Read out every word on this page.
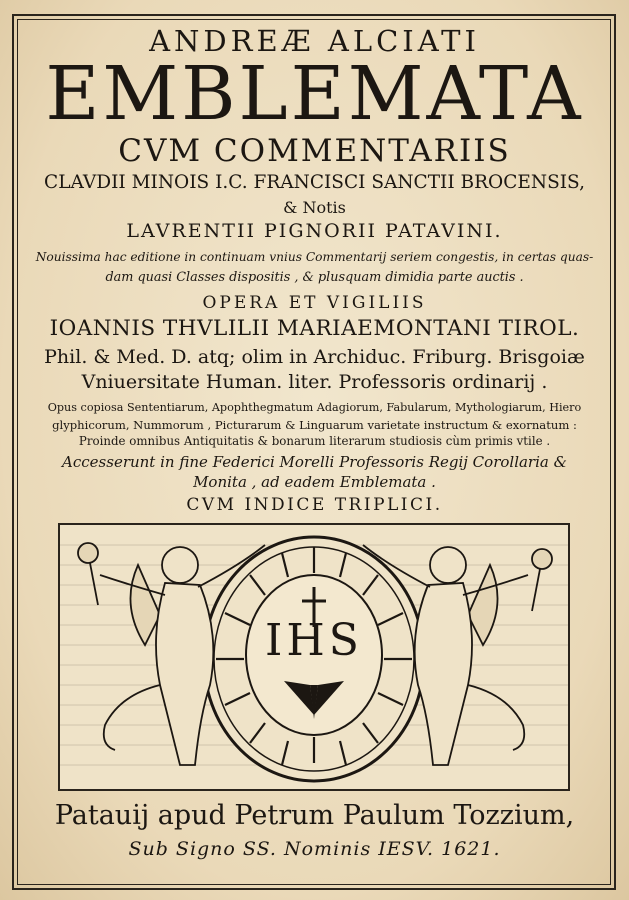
ANDREÆ ALCIATI
EMBLEMATA
CVM COMMENTARIIS
CLAVDII MINOIS I.C. FRANCISCI SANCTII BROCENSIS,
& Notis
LAVRENTII PIGNORII PATAVINI.
Nouissima hac editione in continuam vnius Commentarij seriem congestis, in certas quas-
dam quasi Classes dispositis , & plusquam dimidia parte auctis .
OPERA ET VIGILIIS
IOANNIS THVLILII MARIAEMONTANI TIROL.
Phil. & Med. D. atq; olim in Archiduc. Friburg. Brisgoiæ
Vniuersitate Human. liter. Professoris ordinarij .
Opus copiosa Sententiarum, Apophthegmatum Adagiorum, Fabularum, Mythologiarum, Hiero
glyphicorum, Nummorum , Picturarum & Linguarum varietate instructum & exornatum :
Proinde omnibus Antiquitatis & bonarum literarum studiosis cùm primis vtile .
Accesserunt in fine Federici Morelli Professoris Regij Corollaria &
Monita , ad eadem Emblemata .
CVM INDICE TRIPLICI.
IHS
Patauij apud Petrum Paulum Tozzium,
Sub Signo SS. Nominis IESV. 1621.
